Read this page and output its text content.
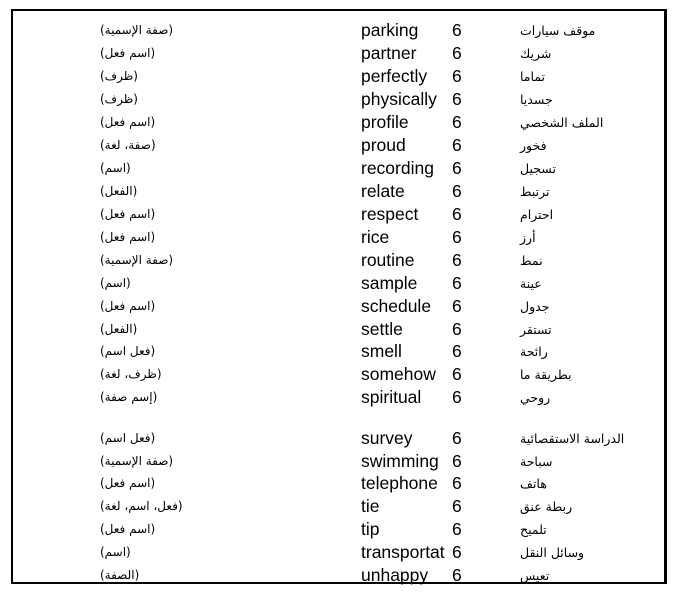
(صفة الإسمية)	parking	6	موقف سيارات
(اسم فعل)	partner	6	شريك
(ظرف)	perfectly	6	تماما
(ظرف)	physically 6	جسديا
(اسم فعل)	profile	6	الملف الشخصي
(صفة، لغة)	proud	6	فخور
(اسم)	recording	6	تسجيل
(الفعل)	relate	6	ترتبط
(اسم فعل)	respect	6	احترام
(اسم فعل)	rice	6	أرز
(صفة الإسمية)	routine	6	نمط
(اسم)	sample	6	عينة
(اسم فعل)	schedule	6	جدول
(الفعل)	settle	6	تستقر
(فعل اسم)	smell	6	رائحة
(ظرف، لغة)	somehow 6	بطريقة ما
(إسم صفة)	spiritual	6	روحي
(فعل اسم)	survey	6	الدراسة الاستقصائية
(صفة الإسمية)	swimming 6	سباحة
(اسم فعل)	telephone 6	هاتف
(فعل، اسم، لغة)	tie	6	ربطة عنق
(اسم فعل)	tip	6	تلميح
(اسم)	transportat 6	وسائل النقل
(الصفة)	unhappy	6	تعيس
